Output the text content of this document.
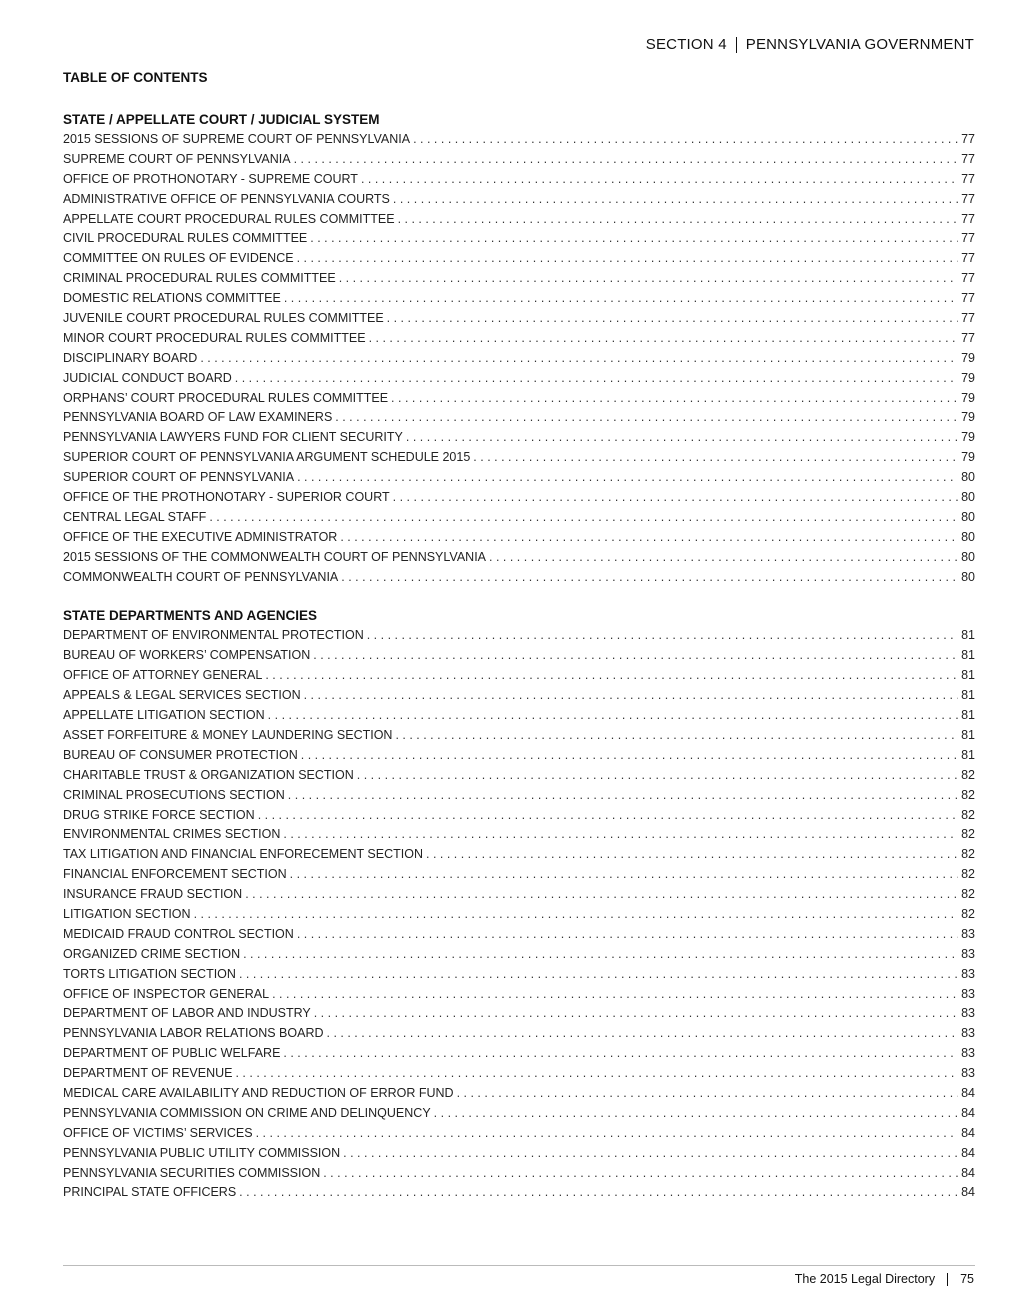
SECTION 4 PENNSYLVANIA GOVERNMENT
TABLE OF CONTENTS
STATE / APPELLATE COURT / JUDICIAL SYSTEM
2015 SESSIONS OF SUPREME COURT OF PENNSYLVANIA . . .	77
SUPREME COURT OF PENNSYLVANIA . . .	77
OFFICE OF PROTHONOTARY - SUPREME COURT . . .	77
ADMINISTRATIVE OFFICE OF PENNSYLVANIA COURTS . . .	77
APPELLATE COURT PROCEDURAL RULES COMMITTEE . . .	77
CIVIL PROCEDURAL RULES COMMITTEE . . .	77
COMMITTEE ON RULES OF EVIDENCE . . .	77
CRIMINAL PROCEDURAL RULES COMMITTEE . . .	77
DOMESTIC RELATIONS COMMITTEE . . .	77
JUVENILE COURT PROCEDURAL RULES COMMITTEE . . .	77
MINOR COURT PROCEDURAL RULES COMMITTEE . . .	77
DISCIPLINARY BOARD . . .	79
JUDICIAL CONDUCT BOARD . . .	79
ORPHANS’ COURT PROCEDURAL RULES COMMITTEE . . .	79
PENNSYLVANIA BOARD OF LAW EXAMINERS . . .	79
PENNSYLVANIA LAWYERS FUND FOR CLIENT SECURITY . . .	79
SUPERIOR COURT OF PENNSYLVANIA ARGUMENT SCHEDULE 2015 . . .	79
SUPERIOR COURT OF PENNSYLVANIA . . .	80
OFFICE OF THE PROTHONOTARY - SUPERIOR COURT . . .	80
CENTRAL LEGAL STAFF . . .	80
OFFICE OF THE EXECUTIVE ADMINISTRATOR . . .	80
2015 SESSIONS OF THE COMMONWEALTH COURT OF PENNSYLVANIA . . .	80
COMMONWEALTH COURT OF PENNSYLVANIA . . .	80
STATE DEPARTMENTS AND AGENCIES
DEPARTMENT OF ENVIRONMENTAL PROTECTION . . .	81
BUREAU OF WORKERS’ COMPENSATION . . .	81
OFFICE OF ATTORNEY GENERAL . . .	81
APPEALS & LEGAL SERVICES SECTION . . .	81
APPELLATE LITIGATION SECTION . . .	81
ASSET FORFEITURE & MONEY LAUNDERING SECTION . . .	81
BUREAU OF CONSUMER PROTECTION . . .	81
CHARITABLE TRUST & ORGANIZATION SECTION . . .	82
CRIMINAL PROSECUTIONS SECTION . . .	82
DRUG STRIKE FORCE SECTION . . .	82
ENVIRONMENTAL CRIMES SECTION . . .	82
TAX LITIGATION AND FINANCIAL ENFORECEMENT SECTION . . .	82
FINANCIAL ENFORCEMENT SECTION . . .	82
INSURANCE FRAUD SECTION . . .	82
LITIGATION SECTION . . .	82
MEDICAID FRAUD CONTROL SECTION . . .	83
ORGANIZED CRIME SECTION . . .	83
TORTS LITIGATION SECTION . . .	83
OFFICE OF INSPECTOR GENERAL . . .	83
DEPARTMENT OF LABOR AND INDUSTRY . . .	83
PENNSYLVANIA LABOR RELATIONS BOARD . . .	83
DEPARTMENT OF PUBLIC WELFARE . . .	83
DEPARTMENT OF REVENUE . . .	83
MEDICAL CARE AVAILABILITY AND REDUCTION OF ERROR FUND . . .	84
PENNSYLVANIA COMMISSION ON CRIME AND DELINQUENCY . . .	84
OFFICE OF VICTIMS’ SERVICES . . .	84
PENNSYLVANIA PUBLIC UTILITY COMMISSION . . .	84
PENNSYLVANIA SECURITIES COMMISSION . . .	84
PRINCIPAL STATE OFFICERS . . .	84
The 2015 Legal Directory 75
